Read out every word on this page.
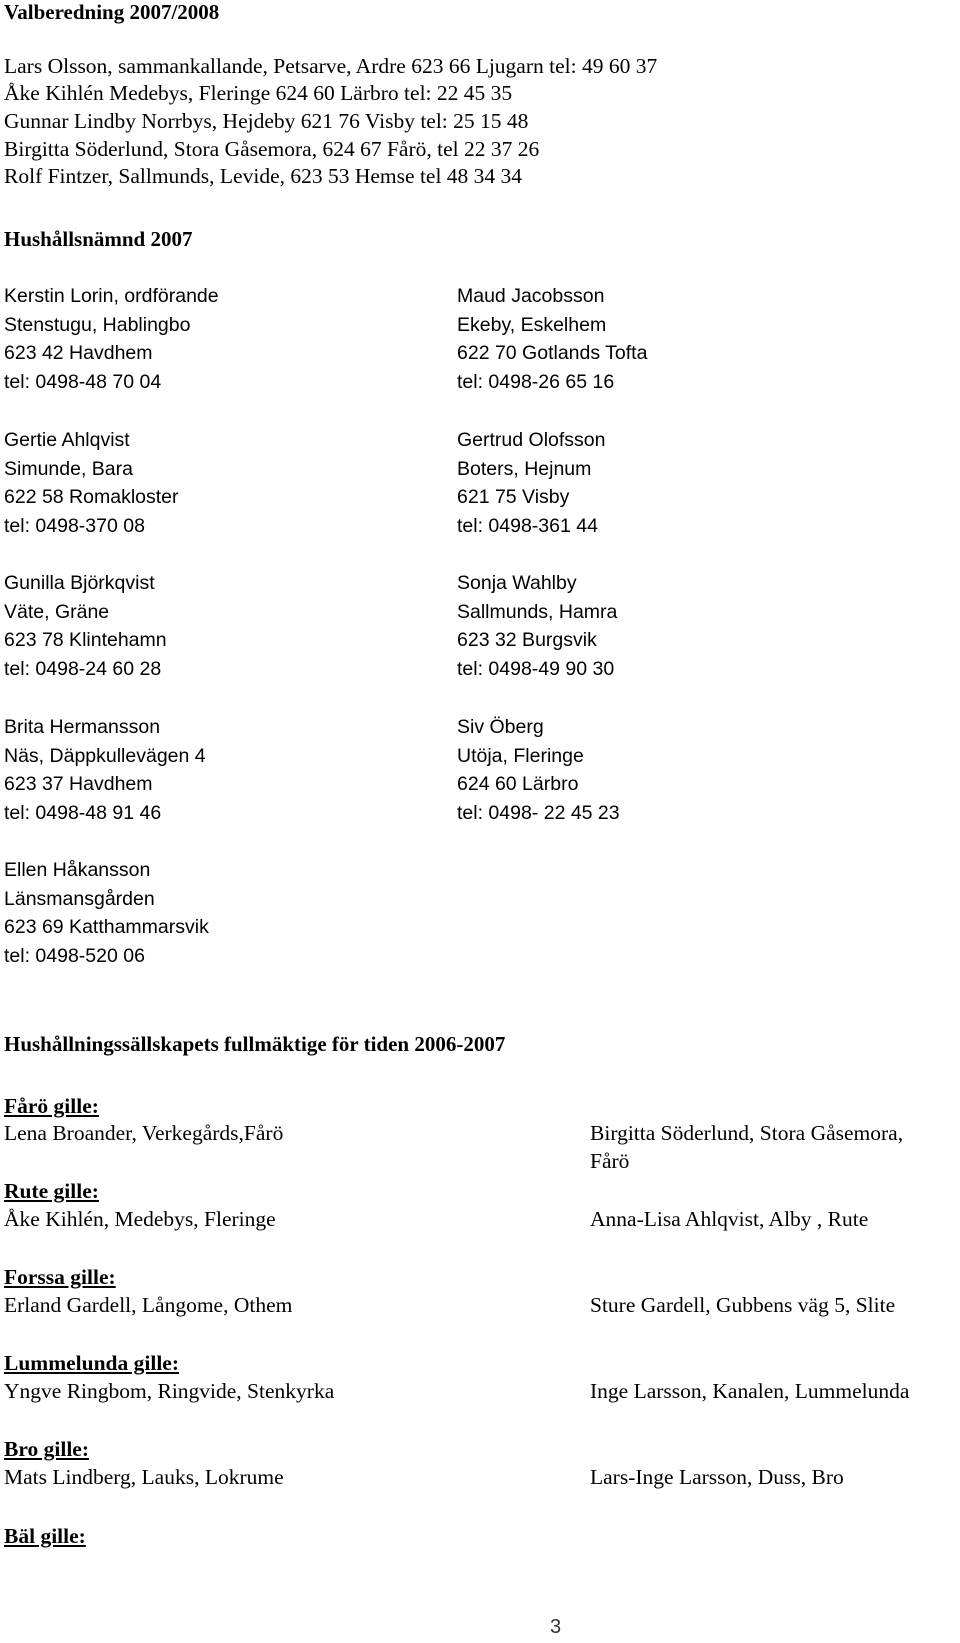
Valberedning 2007/2008
Lars Olsson, sammankallande, Petsarve, Ardre 623 66 Ljugarn tel: 49 60 37
Åke Kihlén Medebys, Fleringe 624 60 Lärbro tel: 22 45 35
Gunnar Lindby Norrbys, Hejdeby 621 76 Visby tel: 25 15 48
Birgitta Söderlund, Stora Gåsemora, 624 67 Fårö, tel 22 37 26
Rolf Fintzer, Sallmunds, Levide, 623 53 Hemse tel 48 34 34
Hushållsnämnd 2007
Kerstin Lorin, ordförande
Stenstugu, Hablingbo
623 42 Havdhem
tel: 0498-48 70 04
Maud Jacobsson
Ekeby, Eskelhem
622 70 Gotlands Tofta
tel: 0498-26 65 16
Gertie Ahlqvist
Simunde, Bara
622 58 Romakloster
tel: 0498-370 08
Gertrud Olofsson
Boters, Hejnum
621 75 Visby
tel: 0498-361 44
Gunilla Björkqvist
Väte, Gräne
623 78 Klintehamn
tel: 0498-24 60 28
Sonja Wahlby
Sallmunds, Hamra
623 32 Burgsvik
tel: 0498-49 90 30
Brita Hermansson
Näs, Däppkullevägen 4
623 37 Havdhem
tel: 0498-48 91 46
Siv Öberg
Utöja, Fleringe
624 60 Lärbro
tel: 0498- 22 45 23
Ellen Håkansson
Länsmansgården
623 69 Katthammarsvik
tel: 0498-520 06
Hushållningssällskapets fullmäktige för tiden 2006-2007
Fårö gille:
Lena Broander, Verkegårds,Fårö	Birgitta Söderlund, Stora Gåsemora,
Fårö
Rute gille:
Åke Kihlén, Medebys, Fleringe	Anna-Lisa Ahlqvist, Alby , Rute
Forssa gille:
Erland Gardell, Långome, Othem	Sture Gardell, Gubbens väg 5, Slite
Lummelunda gille:
Yngve Ringbom, Ringvide, Stenkyrka	Inge Larsson, Kanalen, Lummelunda
Bro gille:
Mats Lindberg, Lauks, Lokrume	Lars-Inge Larsson, Duss, Bro
Bäl gille:
3
